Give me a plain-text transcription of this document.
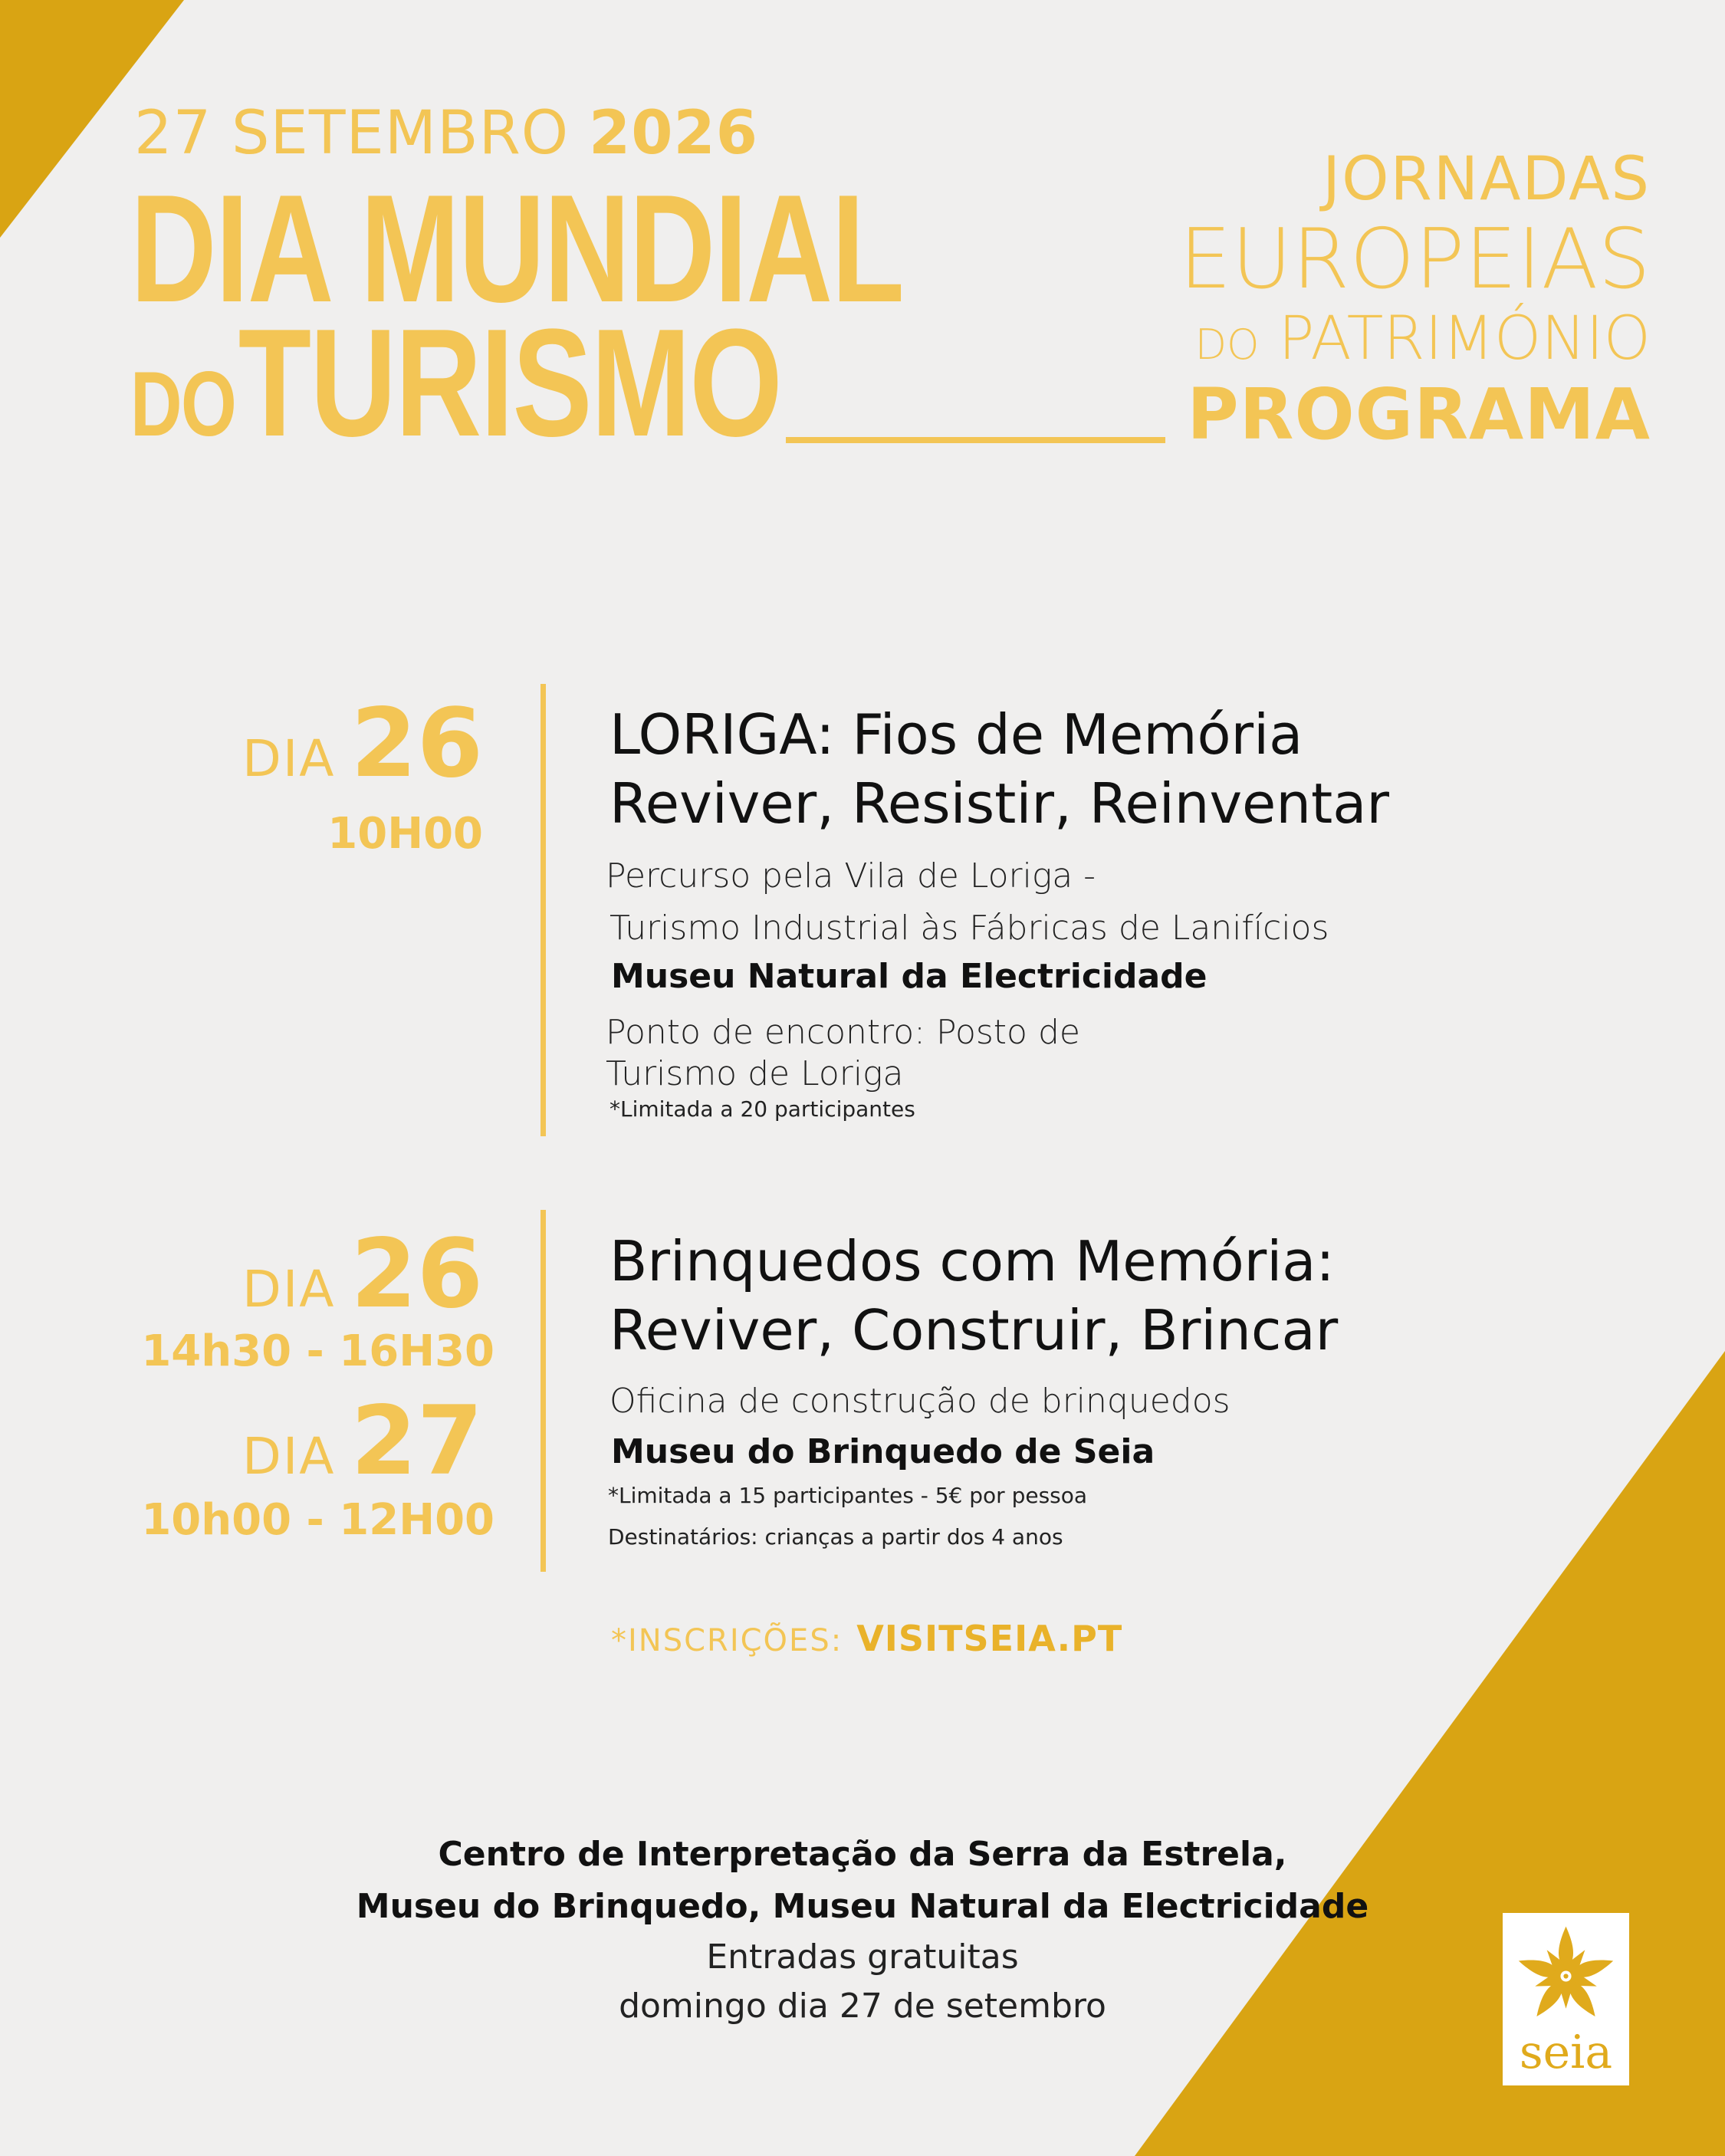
27 SETEMBRO 2026
DIA MUNDIAL
DO TURISMO
JORNADAS
EUROPEIAS
DO PATRIMÓNIO
PROGRAMA
DIA 26
10H00
LORIGA: Fios de Memória
Reviver, Resistir, Reinventar
Percurso pela Vila de Loriga -
Turismo Industrial às Fábricas de Lanifícios
Museu Natural da Electricidade
Ponto de encontro: Posto de
Turismo de Loriga
*Limitada a 20 participantes
DIA 26
14h30 - 16H30
DIA 27
10h00 - 12H00
Brinquedos com Memória:
Reviver, Construir, Brincar
Oficina de construção de brinquedos
Museu do Brinquedo de Seia
*Limitada a 15 participantes - 5€ por pessoa
Destinatários: crianças a partir dos 4 anos
*INSCRIÇÕES: VISITSEIA.PT
Centro de Interpretação da Serra da Estrela,
Museu do Brinquedo, Museu Natural da Electricidade
Entradas gratuitas
domingo dia 27 de setembro
seia
